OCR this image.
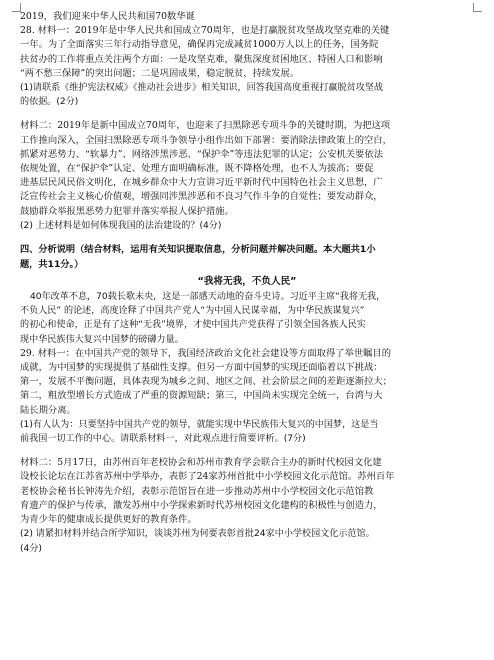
2019，我们迎来中华人民共和国70数华诞
28. 材料一：2019年是中华人民共和国成立70周年，也是打赢脱贫攻坚战攻坚克难的关键
一年。为了全面落实三年行动指导意见，确保再完成减贫1000万人以上的任务，国务院
扶贫办的工作将重点关注两个方面：一是攻坚克难，聚焦深度贫困地区、特困人口和影响
“两不愁三保障”的突出问题；二是巩固成果，稳定脱贫，持续发展。
(1)请联系《维护宪法权威》《推动社会进步》相关知识，回答我国高度重视打赢脱贫攻坚战
的依据。(2分)
材料二：2019年是新中国成立70周年，也迎来了扫黑除恶专项斗争的关键时期，为把这项
工作推向深入，全国扫黑除恶专项斗争领导小组作出如下部署：要消除法律政策上的空白，
抓紧对恶势力、“软暴力”、网络涉黑涉恶、“保护伞”等违法犯罪的认定；公安机关要依法
依规处置，在“保护伞”认定、处理方面明确标准，既不降格处理，也不人为拔高；要促
进基层民风民俗文明化，在城乡群众中大力宣讲习近平新时代中国特色社会主义思想，广
泛宣传社会主义核心价值观，增强同涉黑涉恶和不良习气作斗争的自觉性；要发动群众，
鼓励群众举报黑恶势力犯罪并落实举报人保护措施。
(2) 上述材料是如何体现我国的法治建设的？(4分)
四、分析说明（结合材料，运用有关知识提取信息，分析问题并解决问题。本大题共1小
题，共11分。）
“我将无我，不负人民”
40年改革不息，70载长歌未央，这是一部感天动地的奋斗史诗。习近平主席“我将无我，
不负人民” 的论述，高度诠释了中国共产党人“为中国人民谋幸福，为中华民族谋复兴”
的初心和使命，正是有了这种“无我”境界，才使中国共产党获得了引领全国各族人民实
现中华民族伟大复兴中国梦的磅礴力量。
29. 材料一：在中国共产党的领导下，我国经济政治文化社会建设等方面取得了举世瞩目的
成就，为中国梦的实现提供了基础性支撑。但另一方面中国梦的实现还面临着以下挑战：
第一，发展不平衡问题，具体表现为城乡之间、地区之间、社会阶层之间的差距逐渐拉大；
第二，粗放型增长方式造成了严重的资源短缺；第三，中国尚未实现完全统一，台湾与大
陆长期分离。
(1)有人认为：只要坚持中国共产党的领导，就能实现中华民族伟大复兴的中国梦，这是当
前我国一切工作的中心。请联系材料一，对此观点进行简要评析。(7分)
材料二：5月17日，由苏州百年老校协会和苏州市教育学会联合主办的新时代校园文化建
设校长论坛在江苏省苏州中学举办，表彰了24家苏州首批中小学校园文化示范馆。苏州百年
老校协会秘书长钟涛先介绍，表彰示范馆旨在进一步推动苏州中小学校园文化示范馆教
育遗产的保护与传承，激发苏州中小学探索新时代苏州校园文化建构的积极性与创造力，
为青少年的健康成长提供更好的教育条件。
(2) 请紧扣材料并结合所学知识，谈谈苏州为何要表彰首批24家中小学校园文化示范馆。
(4分)
